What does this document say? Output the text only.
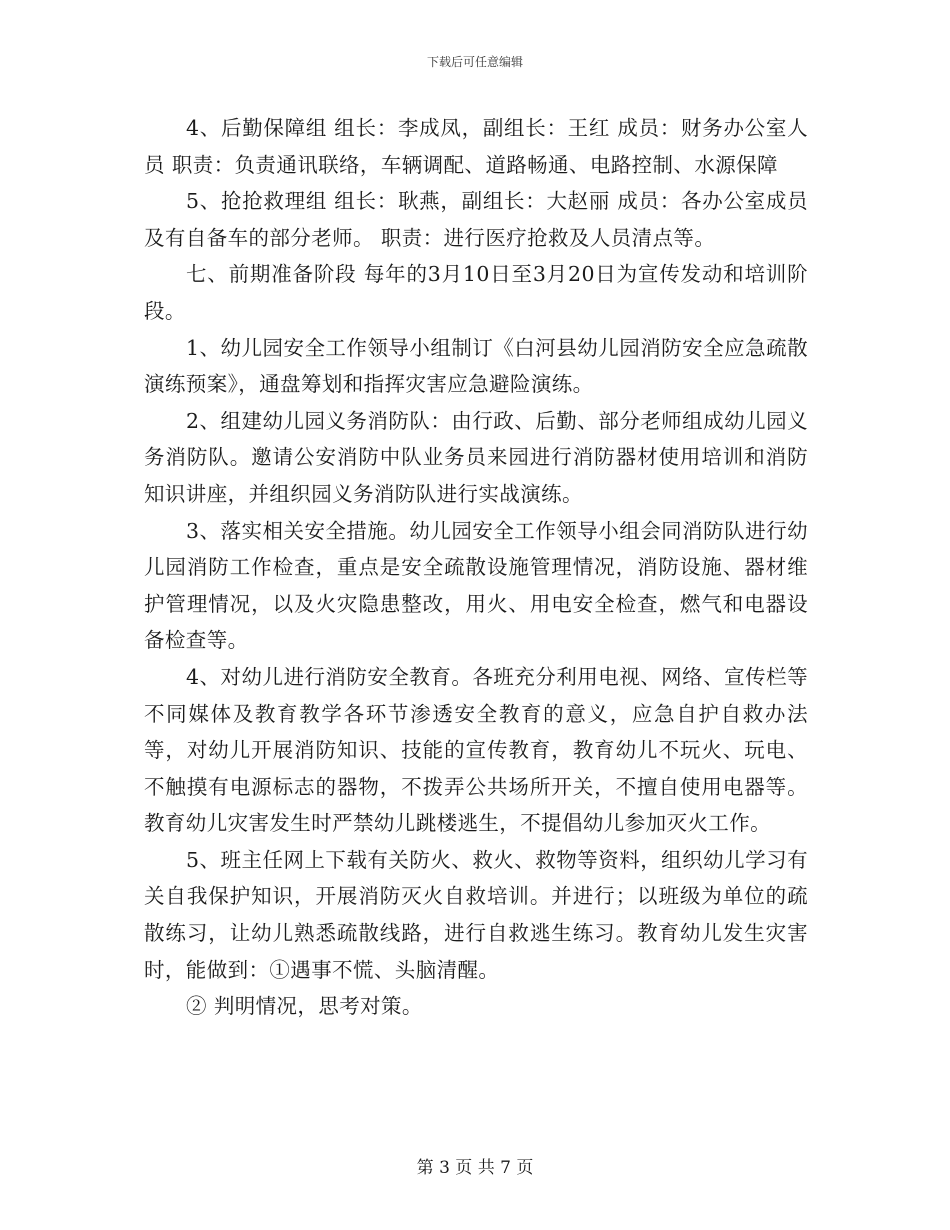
下载后可任意编辑

4、后勤保障组 组长：李成凤，副组长：王红 成员：财务办公室人员 职责：负责通讯联络，车辆调配、道路畅通、电路控制、水源保障

5、抢抢救理组 组长：耿燕，副组长：大赵丽 成员：各办公室成员及有自备车的部分老师。 职责：进行医疗抢救及人员清点等。

七、前期准备阶段 每年的3月10日至3月20日为宣传发动和培训阶段。

1、幼儿园安全工作领导小组制订《白河县幼儿园消防安全应急疏散演练预案》，通盘筹划和指挥灾害应急避险演练。

2、组建幼儿园义务消防队：由行政、后勤、部分老师组成幼儿园义务消防队。邀请公安消防中队业务员来园进行消防器材使用培训和消防知识讲座，并组织园义务消防队进行实战演练。

3、落实相关安全措施。幼儿园安全工作领导小组会同消防队进行幼儿园消防工作检查，重点是安全疏散设施管理情况，消防设施、器材维护管理情况，以及火灾隐患整改，用火、用电安全检查，燃气和电器设备检查等。

4、对幼儿进行消防安全教育。各班充分利用电视、网络、宣传栏等不同媒体及教育教学各环节渗透安全教育的意义，应急自护自救办法等，对幼儿开展消防知识、技能的宣传教育，教育幼儿不玩火、玩电、不触摸有电源标志的器物，不拨弄公共场所开关，不擅自使用电器等。教育幼儿灾害发生时严禁幼儿跳楼逃生，不提倡幼儿参加灭火工作。

5、班主任网上下载有关防火、救火、救物等资料，组织幼儿学习有关自我保护知识，开展消防灭火自救培训。并进行；以班级为单位的疏散练习，让幼儿熟悉疏散线路，进行自救逃生练习。教育幼儿发生灾害时，能做到：①遇事不慌、头脑清醒。

② 判明情况，思考对策。

第 3 页 共 7 页
